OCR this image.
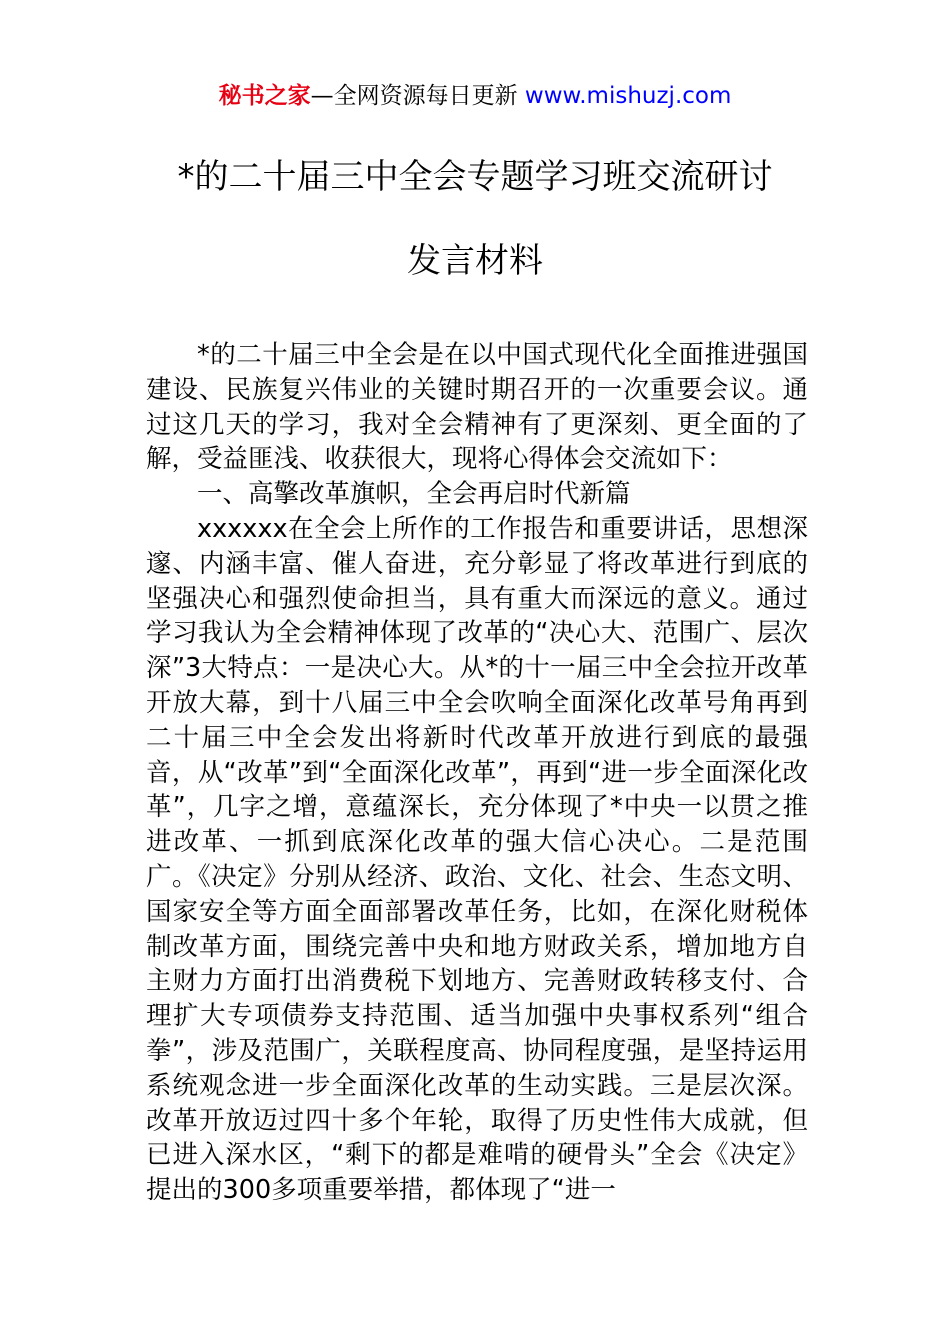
秘书之家—全网资源每日更新 www.mishuzj.com
*的二十届三中全会专题学习班交流研讨
发言材料

*的二十届三中全会是在以中国式现代化全面推进强国建设、民族复兴伟业的关键时期召开的一次重要会议。通过这几天的学习，我对全会精神有了更深刻、更全面的了解，受益匪浅、收获很大，现将心得体会交流如下：

一、高擎改革旗帜，全会再启时代新篇

xxxxxx在全会上所作的工作报告和重要讲话，思想深邃、内涵丰富、催人奋进，充分彰显了将改革进行到底的坚强决心和强烈使命担当，具有重大而深远的意义。通过学习我认为全会精神体现了改革的“决心大、范围广、层次深”3大特点：一是决心大。从*的十一届三中全会拉开改革开放大幕，到十八届三中全会吹响全面深化改革号角再到二十届三中全会发出将新时代改革开放进行到底的最强音，从“改革”到“全面深化改革”，再到“进一步全面深化改革”，几字之增，意蕴深长，充分体现了*中央一以贯之推进改革、一抓到底深化改革的强大信心决心。二是范围广。《决定》分别从经济、政治、文化、社会、生态文明、国家安全等方面全面部署改革任务，比如，在深化财税体制改革方面，围绕完善中央和地方财政关系，增加地方自主财力方面打出消费税下划地方、完善财政转移支付、合理扩大专项债券支持范围、适当加强中央事权系列“组合拳”，涉及范围广，关联程度高、协同程度强，是坚持运用系统观念进一步全面深化改革的生动实践。三是层次深。改革开放迈过四十多个年轮，取得了历史性伟大成就，但已进入深水区，“剩下的都是难啃的硬骨头”全会《决定》提出的300多项重要举措，都体现了“进一
